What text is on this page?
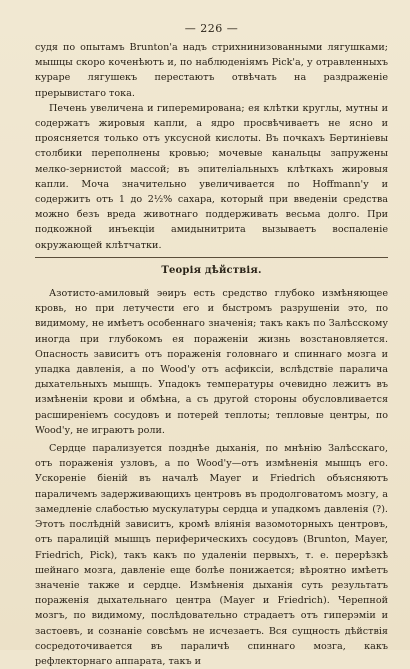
— 226 —

судя по опытамъ Brunton'a надъ стрихнинизованными лягушками; мышцы скоро коченѣютъ и, по наблюденіямъ Pick'a, у отравленныхъ кураре лягушекъ перестаютъ отвѣчать на раздраженіе прерывистаго тока.

Печень увеличена и гиперемирована; ея клѣтки круглы, мутны и содержатъ жировыя капли, а ядро просвѣчиваетъ не ясно и проясняется только отъ уксусной кислоты. Въ почкахъ Бертиніевы столбики переполнены кровью; мочевые канальцы запружены мелко-зернистой массой; въ эпителіальныхъ клѣткахъ жировыя капли. Моча значительно увеличивается по Hoffmann'у и содержитъ отъ 1 до 2½% сахара, который при введеніи средства можно безъ вреда животнаго поддерживать весьма долго. При подкожной инъекціи амидынитрита вызываетъ воспаленіе окружающей клѣтчатки.

Теорія дѣйствія.

Азотисто-амиловый эѳиръ есть средство глубоко измѣняющее кровь, но при летучести его и быстромъ разрушеніи это, по видимому, не имѣетъ особеннаго значенія; такъ какъ по Залѣсскому иногда при глубокомъ ея пораженіи жизнь возстановляется. Опасность зависитъ отъ пораженія головнаго и спиннаго мозга и упадка давленія, а по Wood'у отъ асфиксіи, вслѣдствіе паралича дыхательныхъ мышцъ. Упадокъ температуры очевидно лежитъ въ измѣненіи крови и обмѣна, а съ другой стороны обусловливается расширеніемъ сосудовъ и потерей теплоты; тепловые центры, по Wood'у, не играютъ роли.

Сердце парализуется позднѣе дыханія, по мнѣнію Залѣсскаго, отъ пораженія узловъ, а по Wood'у—отъ измѣненія мышцъ его. Ускореніе біеній въ началѣ Mayer и Friedrich объясняютъ параличемъ задерживающихъ центровъ въ продолговатомъ мозгу, а замедленіе слабостью мускулатуры сердца и упадкомъ давленія (?). Этотъ послѣдній зависитъ, кромѣ вліянія вазомоторныхъ центровъ, отъ паралицій мышцъ периферическихъ сосудовъ (Brunton, Mayer, Friedrich, Pick), такъ какъ по удаленіи первыхъ, т. е. перерѣзкѣ шейнаго мозга, давленіе еще болѣе понижается; вѣроятно имѣетъ значеніе также и сердце. Измѣненія дыханія суть результатъ пораженія дыхательнаго центра (Mayer и Friedrich). Черепной мозгъ, по видимому, послѣдовательно страдаетъ отъ гиперэміи и застоевъ, и сознаніе совсѣмъ не исчезаетъ. Вся сущность дѣйствія сосредоточивается въ параличѣ спиннаго мозга, какъ рефлекторнаго аппарата, такъ и
